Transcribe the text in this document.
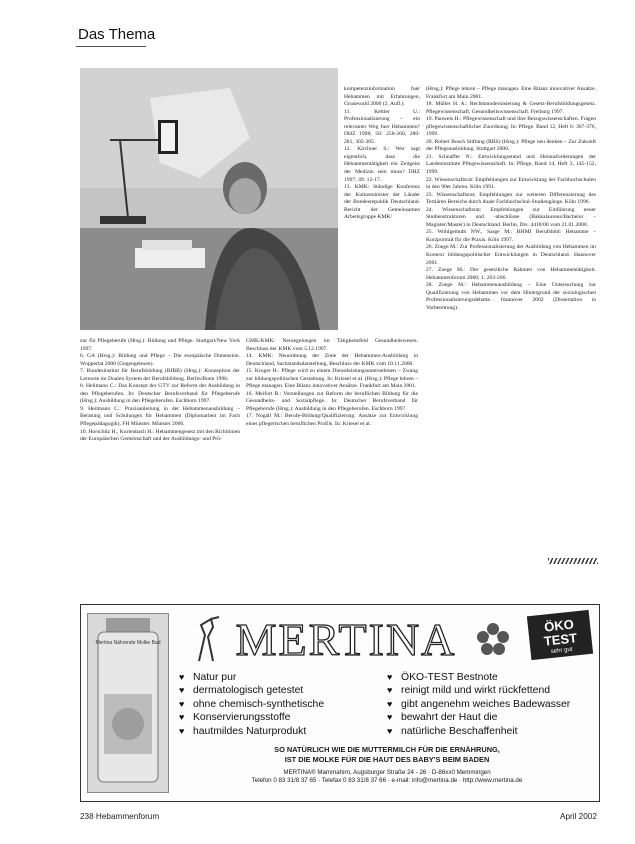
Das Thema

kompetenzinformation fuer Hebammen mit Erfahrungen, Grunewald 2000 (2. Aufl.).

11. Kettler U.: Professionalisierung – ein relevanter Weg fuer Hebammen? DHZ 1998; 50: 258-260, 280-281, 302-305.

12. Kirchner S.: Wer sagt eigentlich, dass die Hebammentätigkeit ein Zeitgeist der Medizin sein muss? DHZ 1997; 49: 12-17.

13. KMK: Ständige Konferenz der Kultusminister der Länder der Bundesrepublik Deutschland. Bericht der Gemeinsamen Arbeitsgruppe KMK/

zur für Pflegeberufe (Hrsg.): Bildung und Pflege. Stuttgart/New York 1997.

6. GA (Hrsg.): Bildung und Pflege – Die europäische Dimension. Wuppertal 2000 (Gegengelesen).

7. Bundesinstitut für Berufsbildung (BIBB) (Hrsg.): Konzeption der Lernorte im Dualen System der Berufsbildung. Berlin/Bonn 1996.

8. Heilmann C.: Das Konzept der GTV zur Reform der Ausbildung in den Pflegeberufen. In: Deutscher Berufsverband für Pflegeberufe (Hrsg.): Ausbildung in den Pflegeberufen. Eschborn 1997.

9. Heilmann C.: Praxisanleitung in der Hebammenausbildung – Beratung und Schulungen für Hebammen (Diplomarbeit im Fach Pflegepädagogik), FH Münster. Münster 2000.

10. Horschitz H., Kurtenbach H.: Hebammengesetz mit den Richtlinien der Europäischen Gemeinschaft und der Ausbildungs- und Prü-

GMK/KMK: Neuregelungen im Tätigkeitsfeld Gesundheitswesen. Beschluss der KMK vom 5.12.1997.

14. KMK: Neuordnung der Ziele der Hebammen-Ausbildung in Deutschland, Sachstandsdarstellung, Beschluss der KMK vom 10.11.2000.

15. Kruger H.: Pflege wird zu einem Dienstleistungsunternehmen – Zwang zur bildungspolitischen Gestaltung. In: Kriesel et al. (Hrsg.): Pflege lehren – Pflege managen. Eine Bilanz innovativer Ansätze. Frankfurt am Main 2001.

16. Meifort B.: Vorstellungen zur Reform der beruflichen Bildung für die Gesundheits- und Sozialpflege. In: Deutscher Berufsverband für Pflegeberufe (Hrsg.): Ausbildung in den Pflegeberufen. Eschborn 1997.

17. Nogall M.: Berufe-Bildung/Qualifizierung: Ansätze zur Entwicklung eines pflegerischen beruflichen Profils. In: Kriesel et al.

(Hrsg.): Pflege lehren – Pflege managen. Eine Bilanz innovativer Ansätze. Frankfurt am Main 2001.

18. Müller H. A.: Rechtsmodernisierung & Gesetz-Berufsbildungsgesetz. Pflegewissenschaft, Gesundheitswissenschaft. Freiburg 1997.

19. Pauwels H.: Pflegewissenschaft und ihre Bezugswissenschaften. Fragen pflegewissenschaftlicher Zuordnung. In: Pflege. Band 12, Heft 6: 367-376, 1999.

20. Robert Bosch Stiftung (RBS) (Hrsg.): Pflege neu denken – Zur Zukunft der Pflegeausbildung. Stuttgart 2000.

21. Schnaffer N.: Entwicklungsstand und Herausforderungen der Landesinstitute Pflegewissenschaft. In: Pflege, Band 14, Heft 3, 145-152, 1999.

22. Wissenschaftsrat: Empfehlungen zur Entwicklung der Fachhochschulen in den 90er Jahren. Köln 1991.

23. Wissenschaftsrat: Empfehlungen zur weiteren Differenzierung des Tertiären Bereichs durch duale Fachhochschul-Studiengänge. Köln 1996.

24. Wissenschaftsrat: Empfehlungen zur Einführung neuer Studienstrukturen und -abschlüsse (Bakkalaureus/Bachelor – Magister/Master) in Deutschland. Berlin, Drs. 4418/00 vom 21.01.2000.

25. Wohlgemuth NW., Sarge M.: BHMI Berufsbild: Hebamme – Kurzportrait für die Praxis. Köln 1997.

26. Zoege M.: Zur Professionalisierung der Ausbildung von Hebammen im Kontext bildungspolitischer Entwicklungen in Deutschland. Hannover 2001.

27. Zoege M.: Der gesetzliche Rahmen von Hebammentätigkeit. Hebammenforum 2000; 1: 263-266.

28. Zoege M.: Hebammenausbildung – Eine Untersuchung zur Qualifizierung von Hebammen vor dem Hintergrund der soziologischen Professionalisierungsdebatte. Hannover 2002 (Dissertation in Vorbereitung).

Mertina Nährende Molke Bad	MERTINA	ÖKO TEST
sehr gut
♥ Natur pur
♥ dermatologisch getestet
♥ ohne chemisch-synthetische
♥ Konservierungsstoffe
♥ hautmildes Naturprodukt
♥ ÖKO-TEST Bestnote
♥ reinigt mild und wirkt rückfettend
♥ gibt angenehm weiches Badewasser
♥ bewahrt der Haut die
♥ natürliche Beschaffenheit
SO NATÜRLICH WIE DIE MUTTERMILCH FÜR DIE ERNÄHRUNG,
IST DIE MOLKE FÜR DIE HAUT DES BABY'S BEIM BADEN
MERTINA® Mammahirn, Augsburger Straße 24 - 26 · D-86xx0 Memmingen
Telefon 0 83 31/8 37 65 · Telefax 0 83 31/8 37 66 · e-mail: info@mertina.de · http://www.mertina.de
238 Hebammenforum	April 2002
